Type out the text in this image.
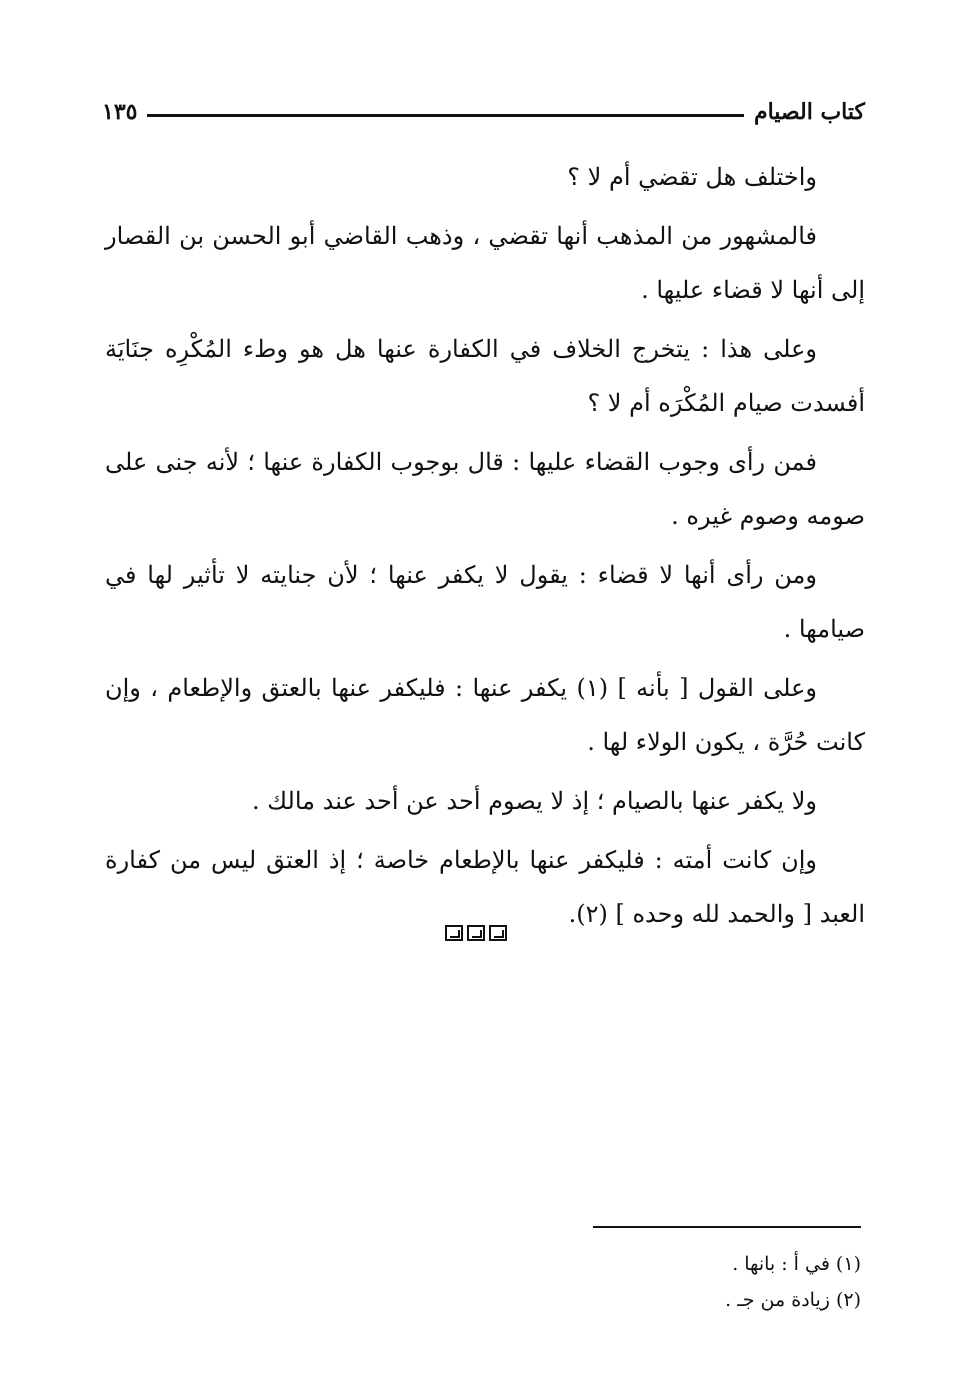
كتاب الصيام
١٣٥

واختلف هل تقضي أم لا ؟

فالمشهور من المذهب أنها تقضي ، وذهب القاضي أبو الحسن بن القصار إلى أنها لا قضاء عليها .

وعلى هذا : يتخرج الخلاف في الكفارة عنها هل هو وطء المُكْرِه جنَايَة أفسدت صيام المُكْرَه أم لا ؟

فمن رأى وجوب القضاء عليها : قال بوجوب الكفارة عنها ؛ لأنه جنى على صومه وصوم غيره .

ومن رأى أنها لا قضاء : يقول لا يكفر عنها ؛ لأن جنايته لا تأثير لها في صيامها .

وعلى القول [ بأنه ] (١) يكفر عنها : فليكفر عنها بالعتق والإطعام ، وإن كانت حُرَّة ، يكون الولاء لها .

ولا يكفر عنها بالصيام ؛ إذ لا يصوم أحد عن أحد عند مالك .

وإن كانت أمته : فليكفر عنها بالإطعام خاصة ؛ إذ العتق ليس من كفارة العبد [ والحمد لله وحده ] (٢).

(١) في أ : بانها .

(٢) زيادة من جـ .
